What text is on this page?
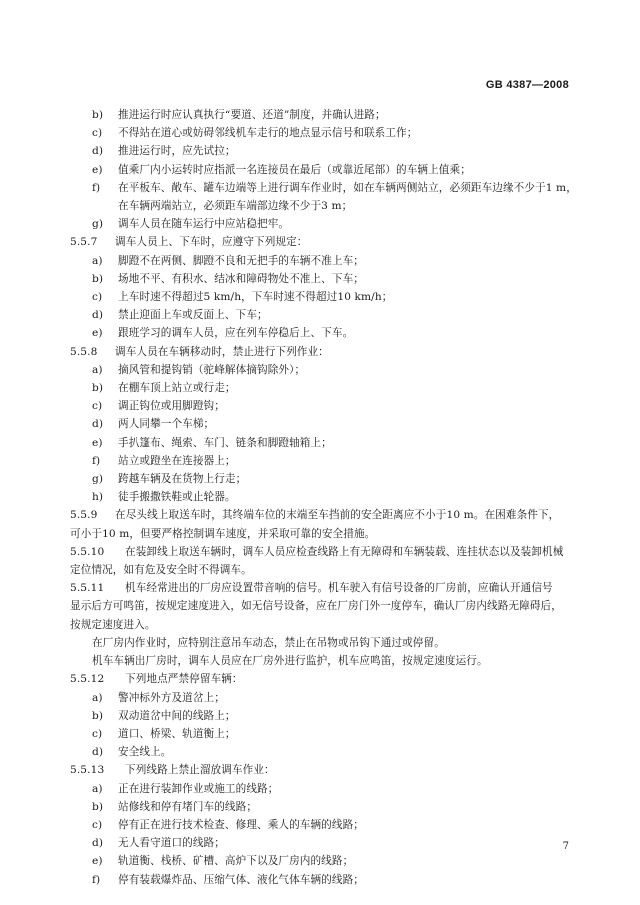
GB 4387—2008
b) 推进运行时应认真执行“要道、还道”制度，并确认进路；
c) 不得站在道心或妨碍邻线机车走行的地点显示信号和联系工作；
d) 推进运行时，应先试拉；
e) 值乘厂内小运转时应指派一名连接员在最后（或靠近尾部）的车辆上值乘；
f) 在平板车、敞车、罐车边端等上进行调车作业时，如在车辆两侧站立，必须距车边缘不少于1 m，
在车辆两端站立，必须距车端部边缘不少于3 m；
g) 调车人员在随车运行中应站稳把牢。
5.5.7 调车人员上、下车时，应遵守下列规定：
a) 脚蹬不在两侧、脚蹬不良和无把手的车辆不准上车；
b) 场地不平、有积水、结冰和障碍物处不准上、下车；
c) 上车时速不得超过5 km/h，下车时速不得超过10 km/h；
d) 禁止迎面上车或反面上、下车；
e) 跟班学习的调车人员，应在列车停稳后上、下车。
5.5.8 调车人员在车辆移动时，禁止进行下列作业：
a) 摘风管和提钩销（驼峰解体摘钩除外）；
b) 在棚车顶上站立或行走；
c) 调正钩位或用脚蹬钩；
d) 两人同攀一个车梯；
e) 手扒篷布、绳索、车门、链条和脚蹬轴箱上；
f) 站立或蹬坐在连接器上；
g) 跨越车辆及在货物上行走；
h) 徒手搬撒铁鞋或止轮器。
5.5.9 在尽头线上取送车时，其终端车位的末端至车挡前的安全距离应不小于10 m。在困难条件下，
可小于10 m，但要严格控制调车速度，并采取可靠的安全措施。
5.5.10 在装卸线上取送车辆时，调车人员应检查线路上有无障碍和车辆装载、连挂状态以及装卸机械
定位情况，如有危及安全时不得调车。
5.5.11 机车经常进出的厂房应设置带音响的信号。机车驶入有信号设备的厂房前，应确认开通信号
显示后方可鸣笛，按规定速度进入，如无信号设备，应在厂房门外一度停车，确认厂房内线路无障碍后，
按规定速度进入。
在厂房内作业时，应特别注意吊车动态，禁止在吊物或吊钩下通过或停留。
机车车辆出厂房时，调车人员应在厂房外进行监护，机车应鸣笛，按规定速度运行。
5.5.12 下列地点严禁停留车辆：
a) 警冲标外方及道岔上；
b) 双动道岔中间的线路上；
c) 道口、桥梁、轨道衡上；
d) 安全线上。
5.5.13 下列线路上禁止溜放调车作业：
a) 正在进行装卸作业或施工的线路；
b) 站修线和停有堵门车的线路；
c) 停有正在进行技术检查、修理、乘人的车辆的线路；
d) 无人看守道口的线路；
e) 轨道衡、栈桥、矿槽、高炉下以及厂房内的线路；
f) 停有装载爆炸品、压缩气体、液化气体车辆的线路；
7
